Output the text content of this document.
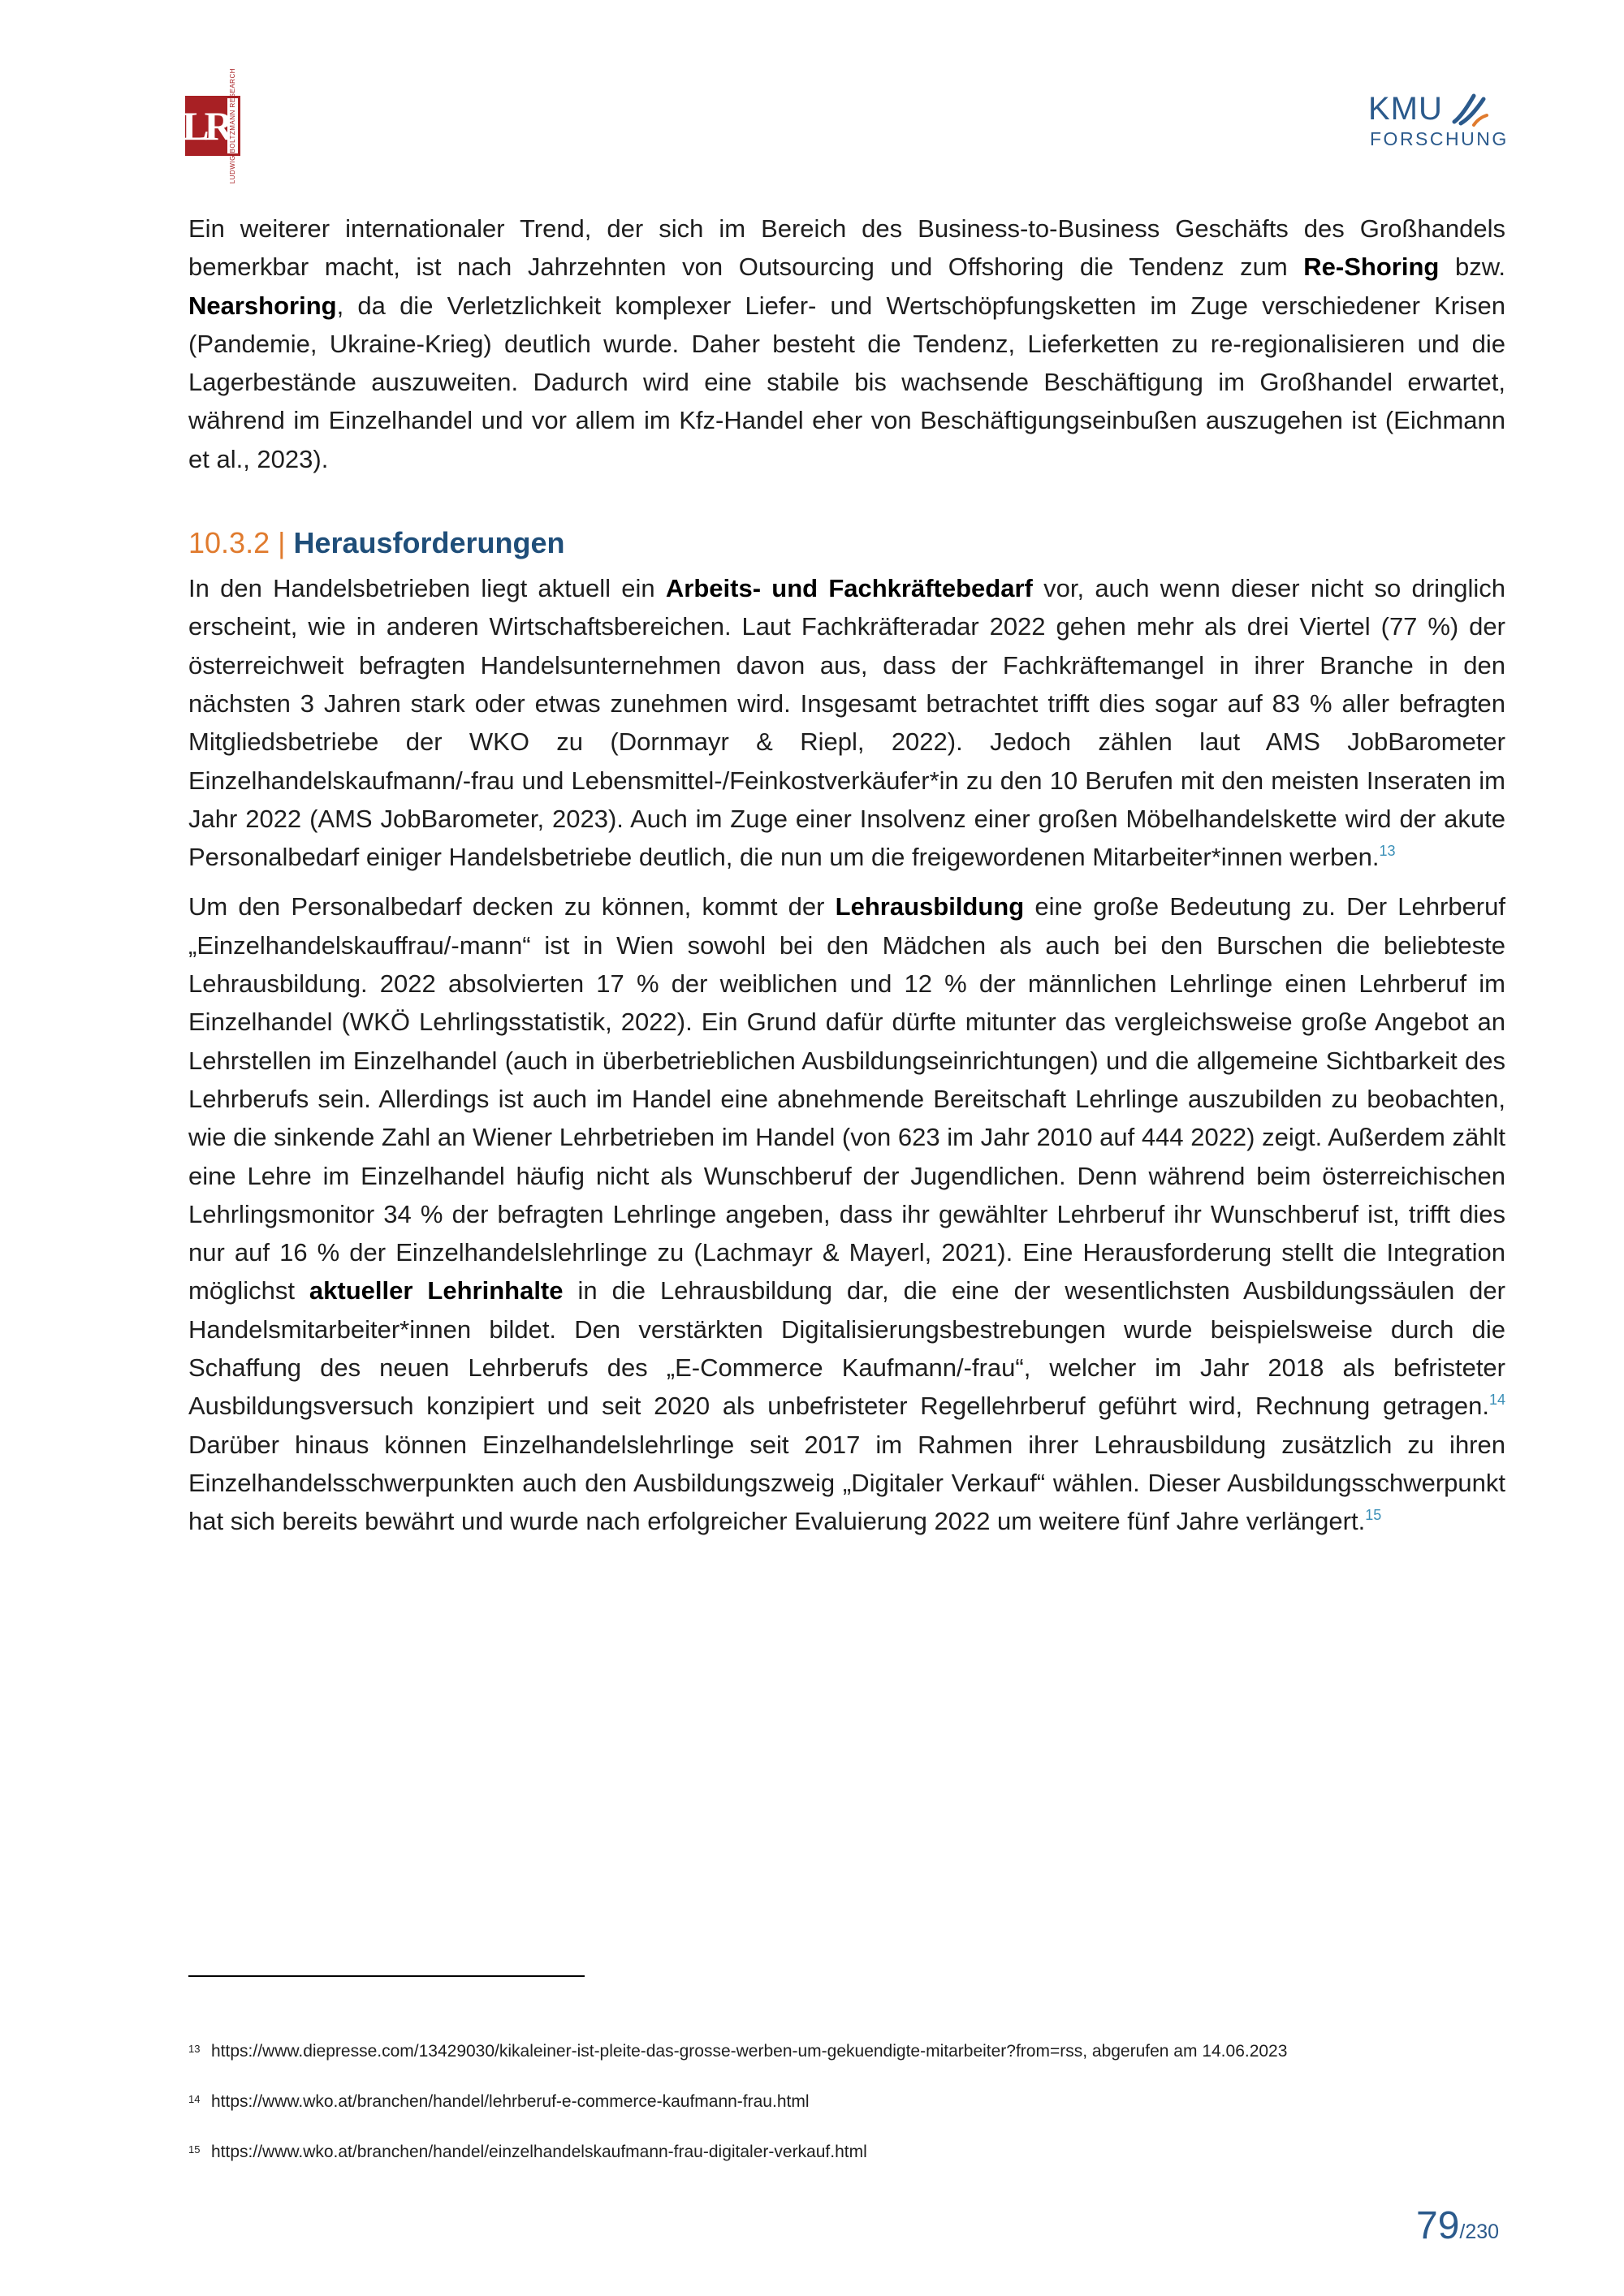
LR LUDWIG BOLTZMANN RESEARCH	KMU
FORSCHUNG

Ein weiterer internationaler Trend, der sich im Bereich des Business-to-Business Geschäfts des Großhandels bemerkbar macht, ist nach Jahrzehnten von Outsourcing und Offshoring die Tendenz zum Re-Shoring bzw. Nearshoring, da die Verletzlichkeit komplexer Liefer- und Wertschöpfungsketten im Zuge verschiedener Krisen (Pandemie, Ukraine-Krieg) deutlich wurde. Daher besteht die Tendenz, Lieferketten zu re-regionalisieren und die Lagerbestände auszuweiten. Dadurch wird eine stabile bis wachsende Beschäftigung im Großhandel erwartet, während im Einzelhandel und vor allem im Kfz-Handel eher von Beschäftigungseinbußen auszugehen ist (Eichmann et al., 2023).

10.3.2 | Herausforderungen

In den Handelsbetrieben liegt aktuell ein Arbeits- und Fachkräftebedarf vor, auch wenn dieser nicht so dringlich erscheint, wie in anderen Wirtschaftsbereichen. Laut Fachkräfteradar 2022 gehen mehr als drei Viertel (77 %) der österreichweit befragten Handelsunternehmen davon aus, dass der Fachkräftemangel in ihrer Branche in den nächsten 3 Jahren stark oder etwas zunehmen wird. Insgesamt betrachtet trifft dies sogar auf 83 % aller befragten Mitgliedsbetriebe der WKO zu (Dornmayr & Riepl, 2022). Jedoch zählen laut AMS JobBarometer Einzelhandelskaufmann/-frau und Lebensmittel-/Feinkostverkäufer*in zu den 10 Berufen mit den meisten Inseraten im Jahr 2022 (AMS JobBarometer, 2023). Auch im Zuge einer Insolvenz einer großen Möbelhandelskette wird der akute Personalbedarf einiger Handelsbetriebe deutlich, die nun um die freigewordenen Mitarbeiter*innen werben.$^{13}$

Um den Personalbedarf decken zu können, kommt der Lehrausbildung eine große Bedeutung zu. Der Lehrberuf „Einzelhandelskauffrau/-mann“ ist in Wien sowohl bei den Mädchen als auch bei den Burschen die beliebteste Lehrausbildung. 2022 absolvierten 17 % der weiblichen und 12 % der männlichen Lehrlinge einen Lehrberuf im Einzelhandel (WKÖ Lehrlingsstatistik, 2022). Ein Grund dafür dürfte mitunter das vergleichsweise große Angebot an Lehrstellen im Einzelhandel (auch in überbetrieblichen Ausbildungseinrichtungen) und die allgemeine Sichtbarkeit des Lehrberufs sein. Allerdings ist auch im Handel eine abnehmende Bereitschaft Lehrlinge auszubilden zu beobachten, wie die sinkende Zahl an Wiener Lehrbetrieben im Handel (von 623 im Jahr 2010 auf 444 2022) zeigt. Außerdem zählt eine Lehre im Einzelhandel häufig nicht als Wunschberuf der Jugendlichen. Denn während beim österreichischen Lehrlingsmonitor 34 % der befragten Lehrlinge angeben, dass ihr gewählter Lehrberuf ihr Wunschberuf ist, trifft dies nur auf 16 % der Einzelhandelslehrlinge zu (Lachmayr & Mayerl, 2021). Eine Herausforderung stellt die Integration möglichst aktueller Lehrinhalte in die Lehrausbildung dar, die eine der wesentlichsten Ausbildungssäulen der Handelsmitarbeiter*innen bildet. Den verstärkten Digitalisierungsbestrebungen wurde beispielsweise durch die Schaffung des neuen Lehrberufs des „E-Commerce Kaufmann/-frau“, welcher im Jahr 2018 als befristeter Ausbildungsversuch konzipiert und seit 2020 als unbefristeter Regellehrberuf geführt wird, Rechnung getragen.$^{14}$ Darüber hinaus können Einzelhandelslehrlinge seit 2017 im Rahmen ihrer Lehrausbildung zusätzlich zu ihren Einzelhandelsschwerpunkten auch den Ausbildungszweig „Digitaler Verkauf“ wählen. Dieser Ausbildungsschwerpunkt hat sich bereits bewährt und wurde nach erfolgreicher Evaluierung 2022 um weitere fünf Jahre verlängert.$^{15}$

13 https://www.diepresse.com/13429030/kikaleiner-ist-pleite-das-grosse-werben-um-gekuendigte-mitarbeiter?from=rss, abgerufen am 14.06.2023
14 https://www.wko.at/branchen/handel/lehrberuf-e-commerce-kaufmann-frau.html
15 https://www.wko.at/branchen/handel/einzelhandelskaufmann-frau-digitaler-verkauf.html
79/230
